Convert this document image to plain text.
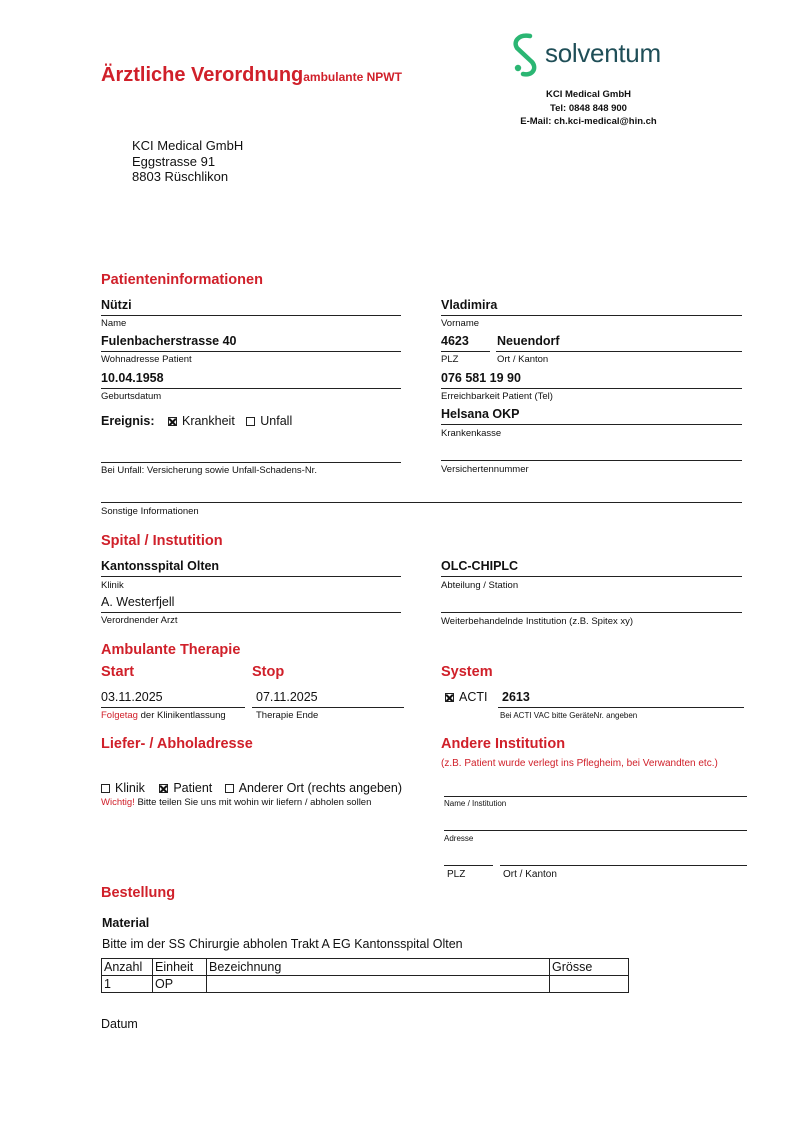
Ärztliche Verordnungambulante NPWT
solventum
KCI Medical GmbH
Tel: 0848 848 900
E-Mail: ch.kci-medical@hin.ch
KCI Medical GmbH
Eggstrasse 91
8803 Rüschlikon
Patienteninformationen
Nützi
Name
Vladimira
Vorname
Fulenbacherstrasse 40
Wohnadresse Patient
4623
PLZ
Neuendorf
Ort / Kanton
10.04.1958
Geburtsdatum
076 581 19 90
Erreichbarkeit Patient (Tel)
Ereignis: Krankheit Unfall	Helsana OKP
Krankenkasse
Bei Unfall: Versicherung sowie Unfall-Schadens-Nr.	Versichertennummer
Sonstige Informationen
Spital / Instutition
Kantonsspital Olten
Klinik
OLC-CHIPLC
Abteilung / Station
A. Westerfjell
Verordnender Arzt	Weiterbehandelnde Institution (z.B. Spitex xy)
Ambulante Therapie
Start	Stop	System
03.11.2025
Folgetag der Klinikentlassung
07.11.2025
Therapie Ende
ACTI 2613
Bei ACTI VAC bitte GeräteNr. angeben
Liefer- / Abholadresse
Klinik Patient Anderer Ort (rechts angeben)
Wichtig! Bitte teilen Sie uns mit wohin wir liefern / abholen sollen
Andere Institution
(z.B. Patient wurde verlegt ins Pflegheim, bei Verwandten etc.)
Name / Institution
Adresse
PLZ	Ort / Kanton
Bestellung
Material
Bitte im der SS Chirurgie abholen Trakt A EG Kantonsspital Olten
Anzahl	Einheit	Bezeichnung	Grösse
1	OP		
Datum
